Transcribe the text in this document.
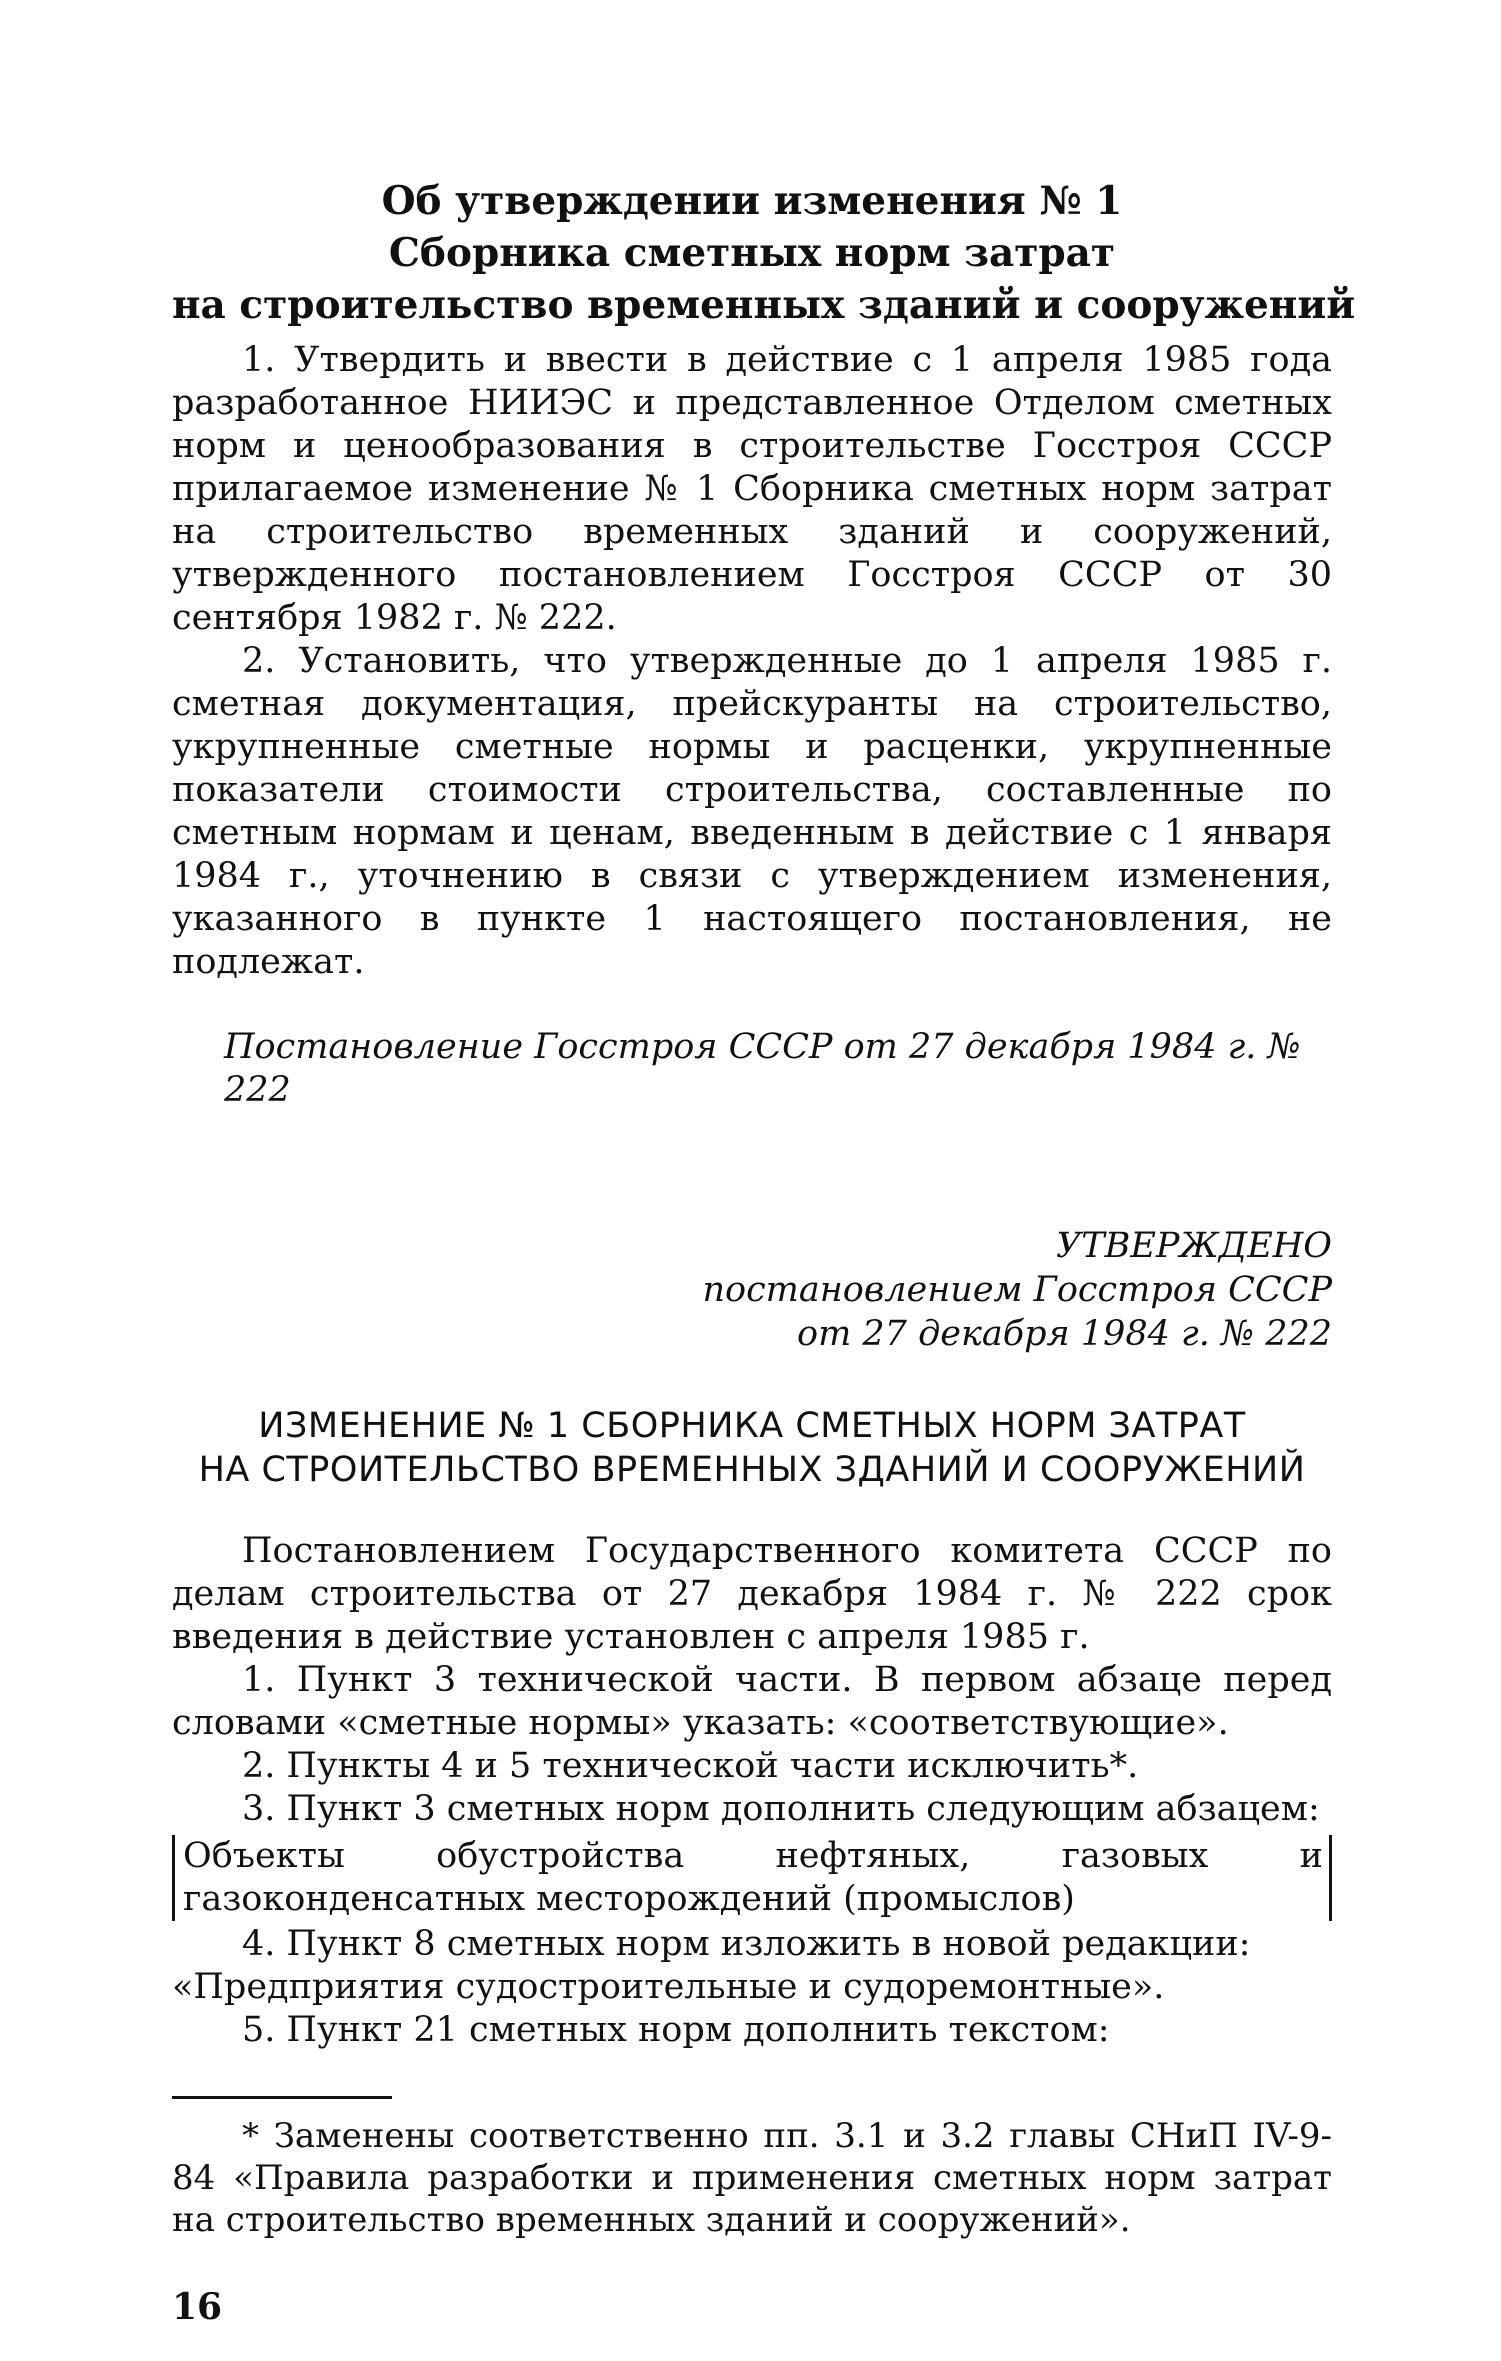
Об утверждении изменения № 1
Сборника сметных норм затрат
на строительство временных зданий и сооружений

1. Утвердить и ввести в действие с 1 апреля 1985 года разработанное НИИЭС и представленное Отделом сметных норм и ценообразования в строительстве Госстроя СССР прилагаемое изменение № 1 Сборника сметных норм затрат на строительство временных зданий и сооружений, утвержденного постановлением Госстроя СССР от 30 сентября 1982 г. № 222.

2. Установить, что утвержденные до 1 апреля 1985 г. сметная документация, прейскуранты на строительство, укрупненные сметные нормы и расценки, укрупненные показатели стоимости строительства, составленные по сметным нормам и ценам, введенным в действие с 1 января 1984 г., уточнению в связи с утверждением изменения, указанного в пункте 1 настоящего постановления, не подлежат.

Постановление Госстроя СССР от 27 декабря 1984 г. № 222
УТВЕРЖДЕНО
постановлением Госстроя СССР
от 27 декабря 1984 г. № 222
ИЗМЕНЕНИЕ № 1 СБОРНИКА СМЕТНЫХ НОРМ ЗАТРАТ
НА СТРОИТЕЛЬСТВО ВРЕМЕННЫХ ЗДАНИЙ И СООРУЖЕНИЙ

Постановлением Государственного комитета СССР по делам строительства от 27 декабря 1984 г. № 222 срок введения в действие установлен с апреля 1985 г.

1. Пункт 3 технической части. В первом абзаце перед словами «сметные нормы» указать: «соответствующие».

2. Пункты 4 и 5 технической части исключить*.

3. Пункт 3 сметных норм дополнить следующим абзацем:

Объекты обустройства нефтяных, газовых и газоконденсатных месторождений (промыслов)

4. Пункт 8 сметных норм изложить в новой редакции:

«Предприятия судостроительные и судоремонтные».

5. Пункт 21 сметных норм дополнить текстом:

* Заменены соответственно пп. 3.1 и 3.2 главы СНиП IV-9-84 «Правила разработки и применения сметных норм затрат на строительство временных зданий и сооружений».

16
